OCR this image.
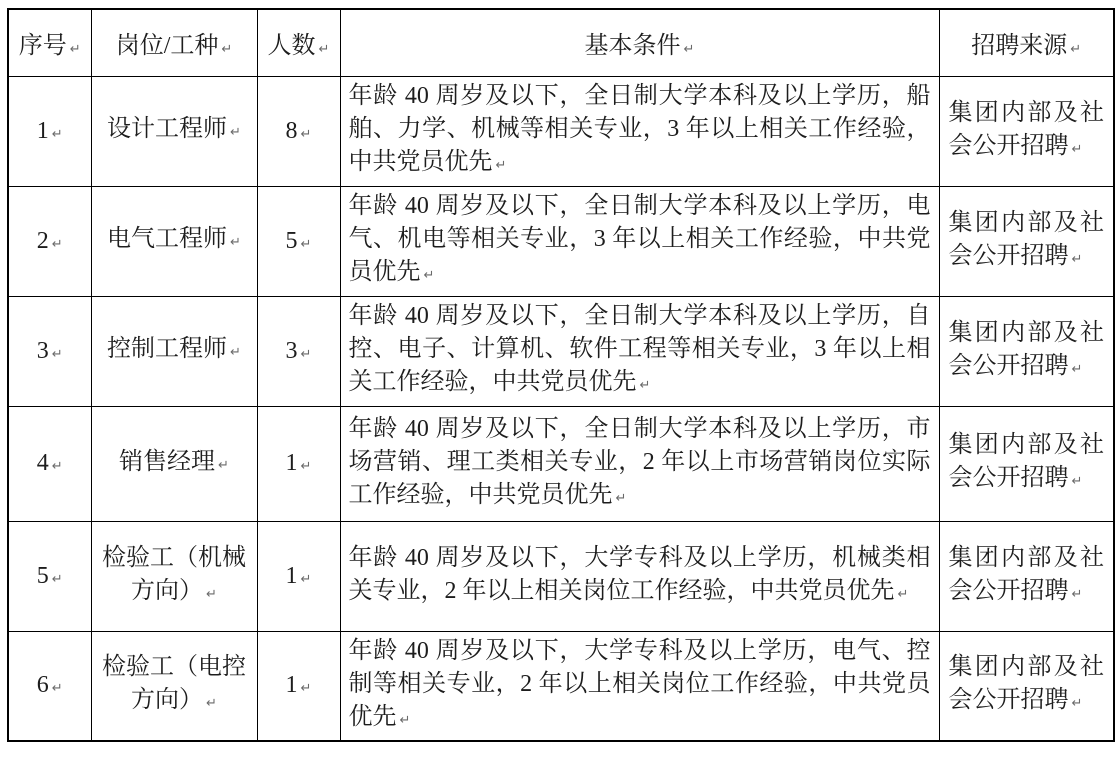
序号 ↵	岗位/工种 ↵	人数 ↵	基本条件 ↵	招聘来源 ↵
1 ↵	设计工程师 ↵	8 ↵	年龄 40 周岁及以下，全日制大学本科及以上学历，船舶、力学、机械等相关专业，3 年以上相关工作经验，中共党员优先 ↵	集团内部及社会公开招聘 ↵
2 ↵	电气工程师 ↵	5 ↵	年龄 40 周岁及以下，全日制大学本科及以上学历，电气、机电等相关专业，3 年以上相关工作经验，中共党员优先 ↵	集团内部及社会公开招聘 ↵
3 ↵	控制工程师 ↵	3 ↵	年龄 40 周岁及以下，全日制大学本科及以上学历，自控、电子、计算机、软件工程等相关专业，3 年以上相关工作经验，中共党员优先 ↵	集团内部及社会公开招聘 ↵
4 ↵	销售经理 ↵	1 ↵	年龄 40 周岁及以下，全日制大学本科及以上学历，市场营销、理工类相关专业，2 年以上市场营销岗位实际工作经验，中共党员优先 ↵	集团内部及社会公开招聘 ↵
5 ↵	检验工（机械方向） ↵	1 ↵	年龄 40 周岁及以下，大学专科及以上学历，机械类相关专业，2 年以上相关岗位工作经验，中共党员优先 ↵	集团内部及社会公开招聘 ↵
6 ↵	检验工（电控方向） ↵	1 ↵	年龄 40 周岁及以下，大学专科及以上学历，电气、控制等相关专业，2 年以上相关岗位工作经验，中共党员优先 ↵	集团内部及社会公开招聘 ↵
